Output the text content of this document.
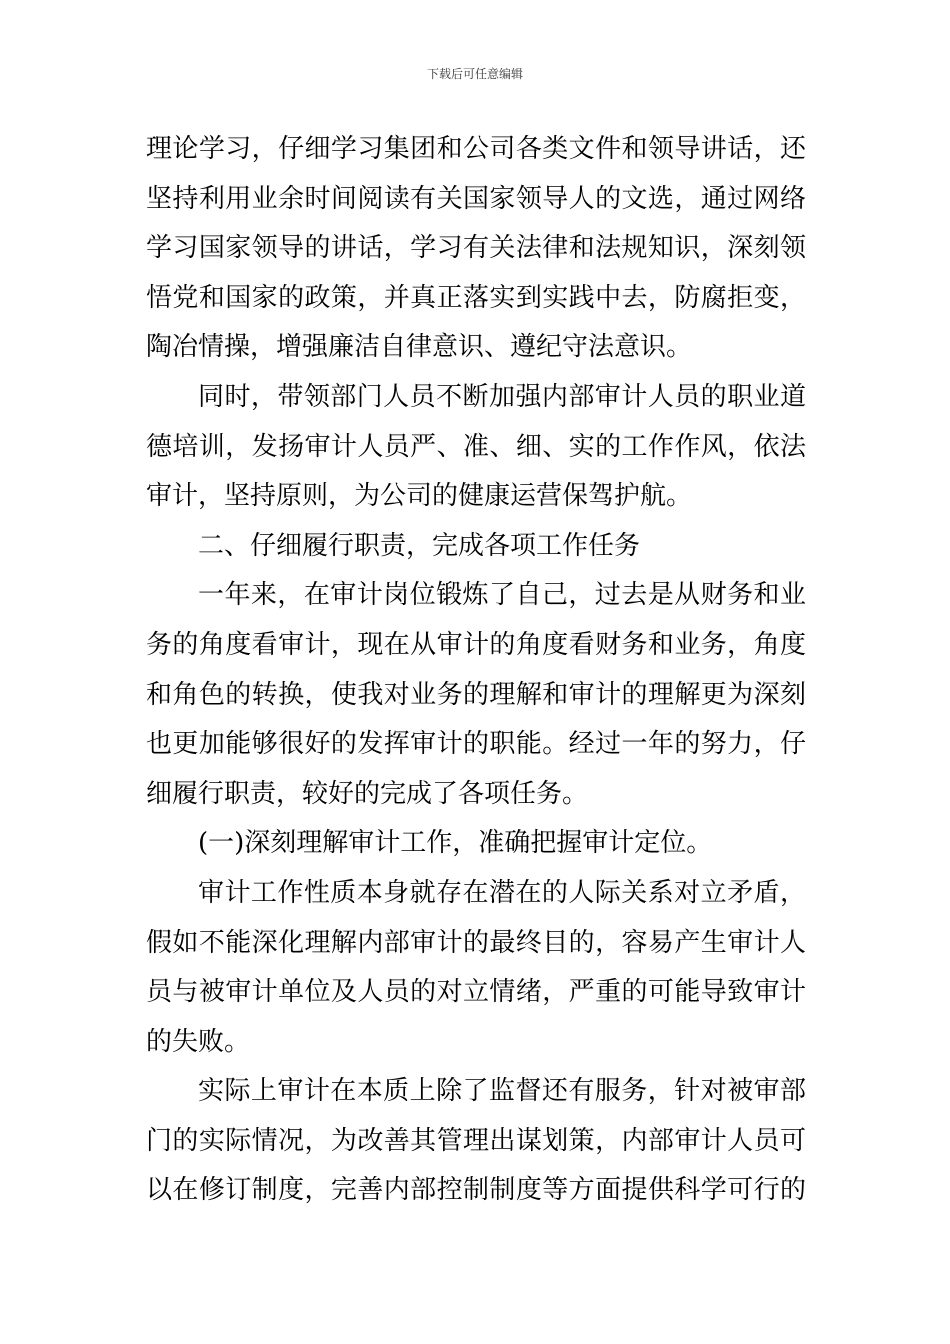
下载后可任意编辑
理论学习，仔细学习集团和公司各类文件和领导讲话，还
坚持利用业余时间阅读有关国家领导人的文选，通过网络
学习国家领导的讲话，学习有关法律和法规知识，深刻领
悟党和国家的政策，并真正落实到实践中去，防腐拒变，
陶冶情操，增强廉洁自律意识、遵纪守法意识。
同时，带领部门人员不断加强内部审计人员的职业道
德培训，发扬审计人员严、准、细、实的工作作风，依法
审计，坚持原则，为公司的健康运营保驾护航。
二、仔细履行职责，完成各项工作任务
一年来，在审计岗位锻炼了自己，过去是从财务和业
务的角度看审计，现在从审计的角度看财务和业务，角度
和角色的转换，使我对业务的理解和审计的理解更为深刻
也更加能够很好的发挥审计的职能。经过一年的努力，仔
细履行职责，较好的完成了各项任务。
(一)深刻理解审计工作，准确把握审计定位。
审计工作性质本身就存在潜在的人际关系对立矛盾，
假如不能深化理解内部审计的最终目的，容易产生审计人
员与被审计单位及人员的对立情绪，严重的可能导致审计
的失败。
实际上审计在本质上除了监督还有服务，针对被审部
门的实际情况，为改善其管理出谋划策，内部审计人员可
以在修订制度，完善内部控制制度等方面提供科学可行的
